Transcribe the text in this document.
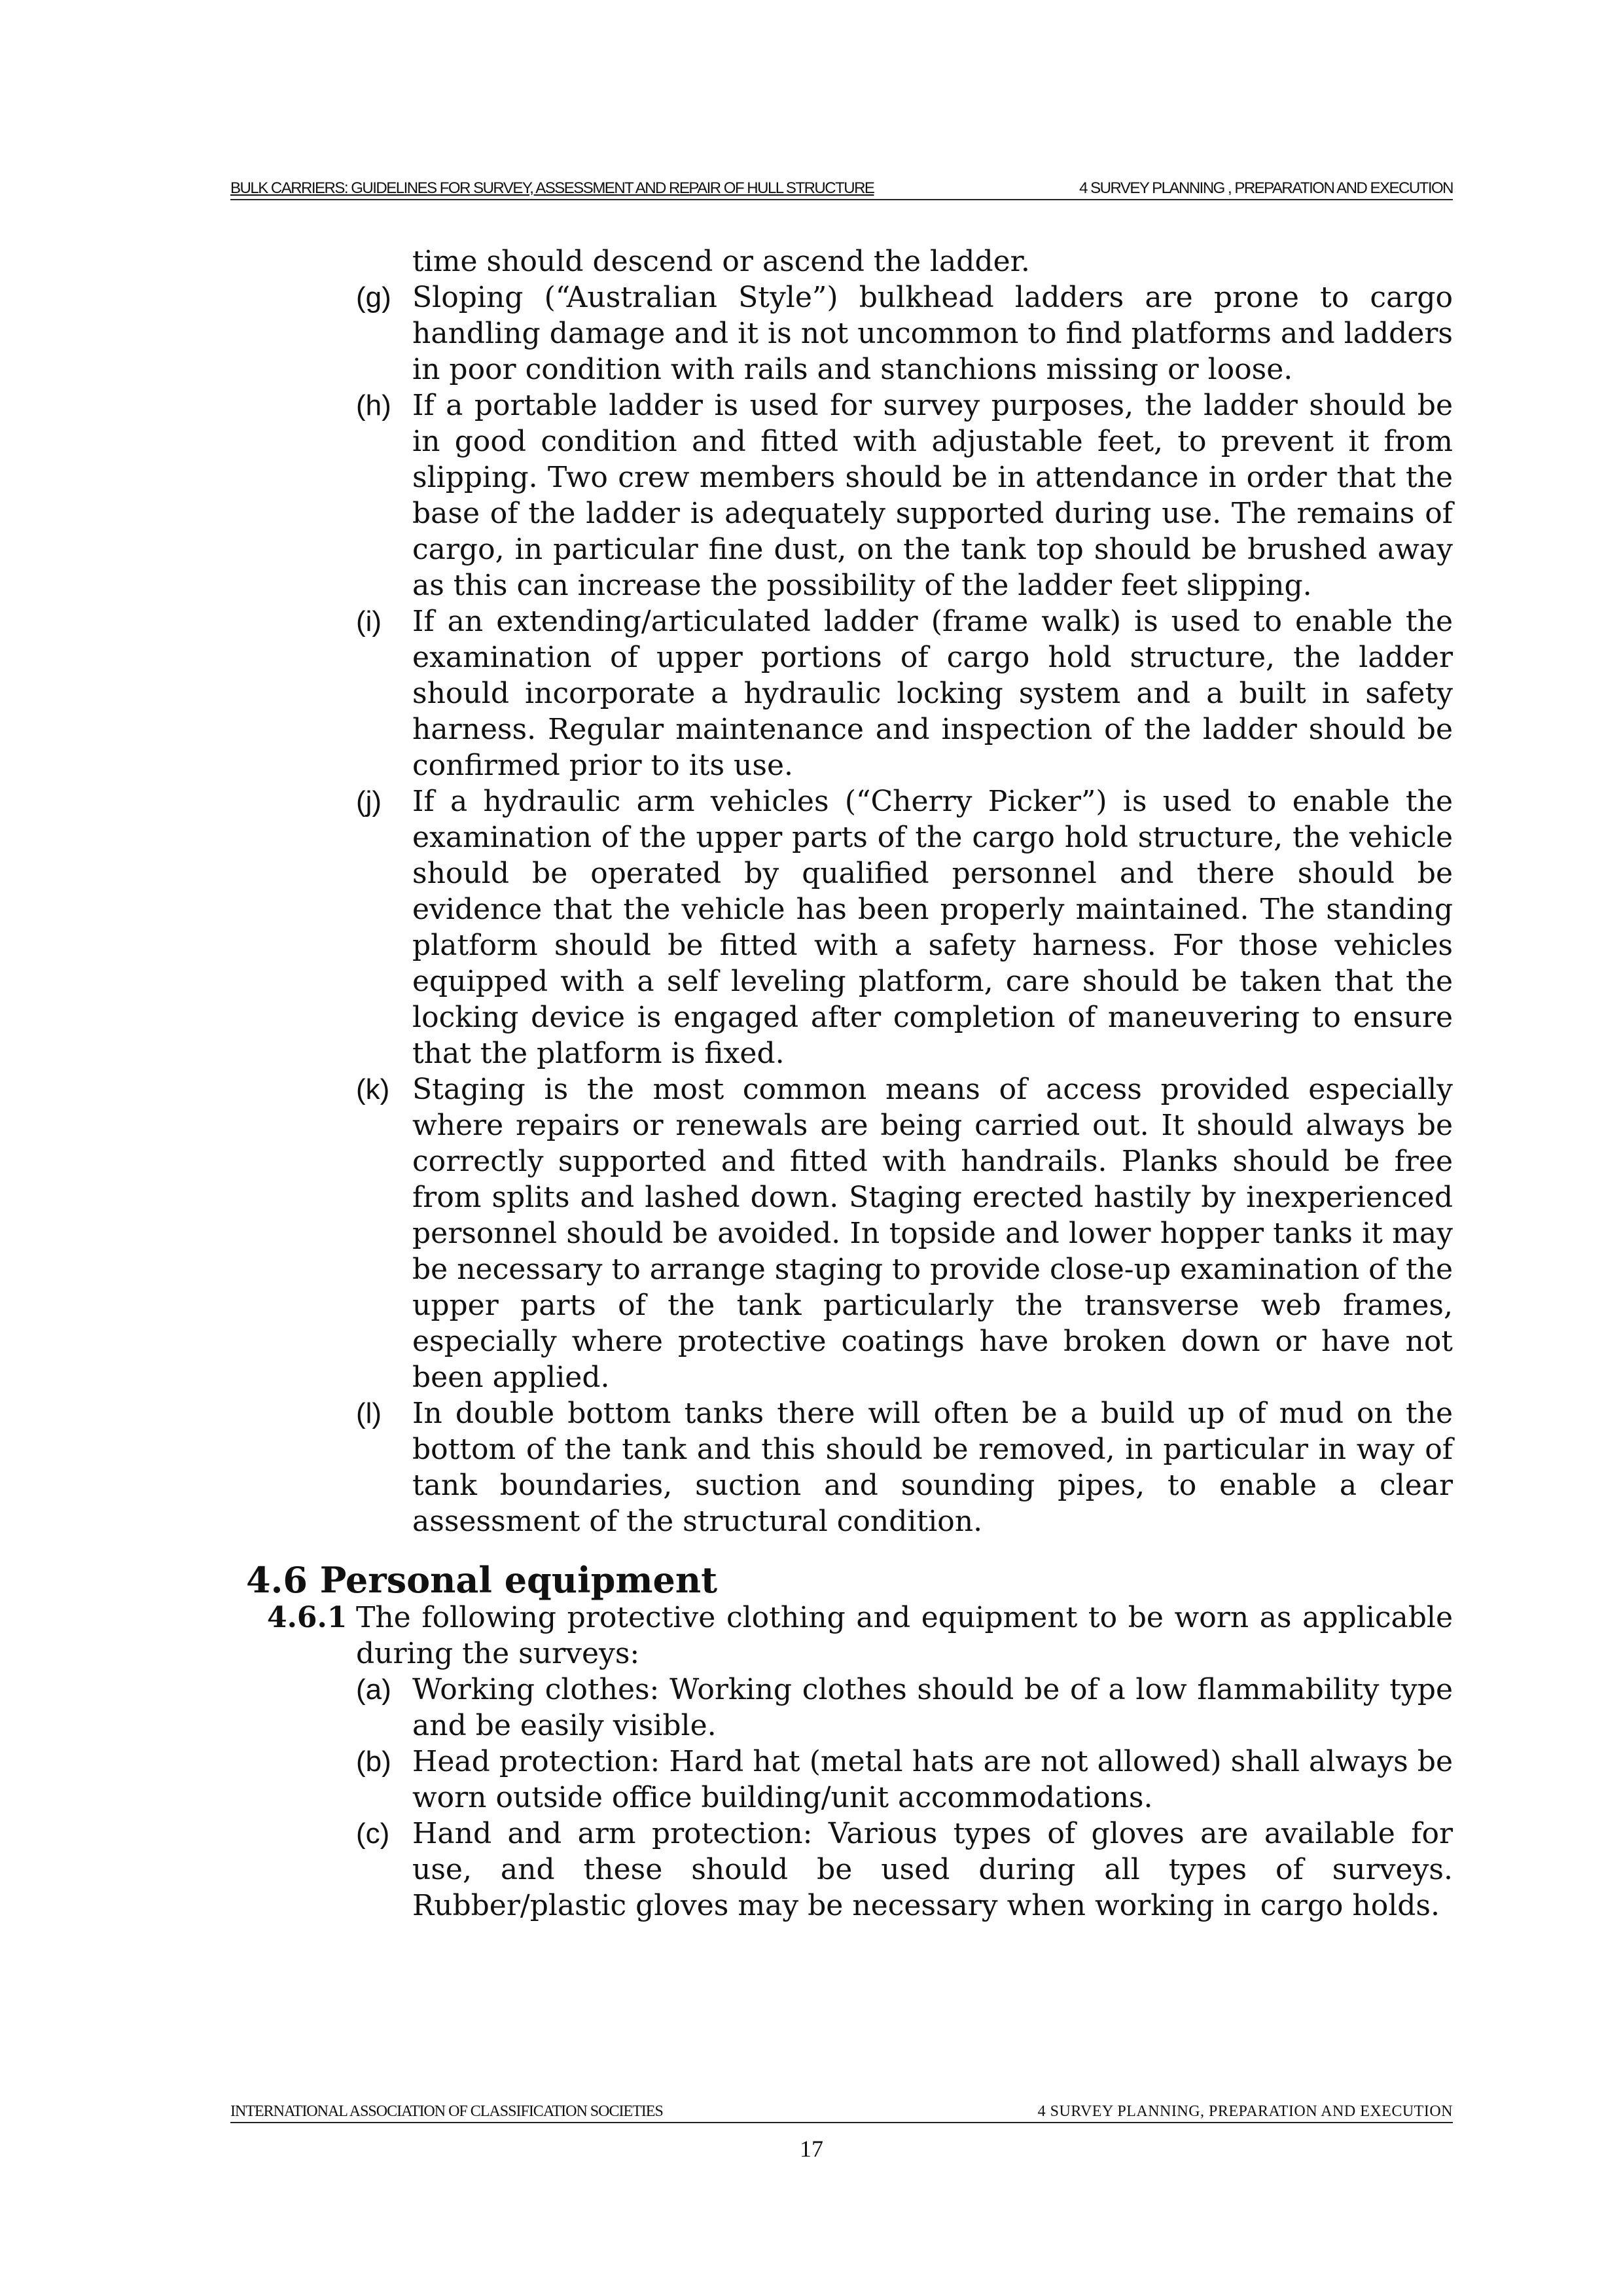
BULK CARRIERS: GUIDELINES FOR SURVEY, ASSESSMENT AND REPAIR OF HULL STRUCTURE	4 SURVEY PLANNING , PREPARATION AND EXECUTION
time should descend or ascend the ladder.
(g) Sloping (“Australian Style”) bulkhead ladders are prone to cargo handling damage and it is not uncommon to find platforms and ladders in poor condition with rails and stanchions missing or loose.
(h) If a portable ladder is used for survey purposes, the ladder should be in good condition and fitted with adjustable feet, to prevent it from slipping. Two crew members should be in attendance in order that the base of the ladder is adequately supported during use. The remains of cargo, in particular fine dust, on the tank top should be brushed away as this can increase the possibility of the ladder feet slipping.
(i) If an extending/articulated ladder (frame walk) is used to enable the examination of upper portions of cargo hold structure, the ladder should incorporate a hydraulic locking system and a built in safety harness. Regular maintenance and inspection of the ladder should be confirmed prior to its use.
(j) If a hydraulic arm vehicles (“Cherry Picker”) is used to enable the examination of the upper parts of the cargo hold structure, the vehicle should be operated by qualified personnel and there should be evidence that the vehicle has been properly maintained. The standing platform should be fitted with a safety harness. For those vehicles equipped with a self leveling platform, care should be taken that the locking device is engaged after completion of maneuvering to ensure that the platform is fixed.
(k) Staging is the most common means of access provided especially where repairs or renewals are being carried out. It should always be correctly supported and fitted with handrails. Planks should be free from splits and lashed down. Staging erected hastily by inexperienced personnel should be avoided. In topside and lower hopper tanks it may be necessary to arrange staging to provide close-up examination of the upper parts of the tank particularly the transverse web frames, especially where protective coatings have broken down or have not been applied.
(l) In double bottom tanks there will often be a build up of mud on the bottom of the tank and this should be removed, in particular in way of tank boundaries, suction and sounding pipes, to enable a clear assessment of the structural condition.
4.6 Personal equipment
4.6.1 The following protective clothing and equipment to be worn as applicable during the surveys:
(a) Working clothes: Working clothes should be of a low flammability type and be easily visible.
(b) Head protection: Hard hat (metal hats are not allowed) shall always be worn outside office building/unit accommodations.
(c) Hand and arm protection: Various types of gloves are available for use, and these should be used during all types of surveys. Rubber/plastic gloves may be necessary when working in cargo holds.
INTERNATIONAL ASSOCIATION OF CLASSIFICATION SOCIETIES	4 SURVEY PLANNING, PREPARATION AND EXECUTION
17
